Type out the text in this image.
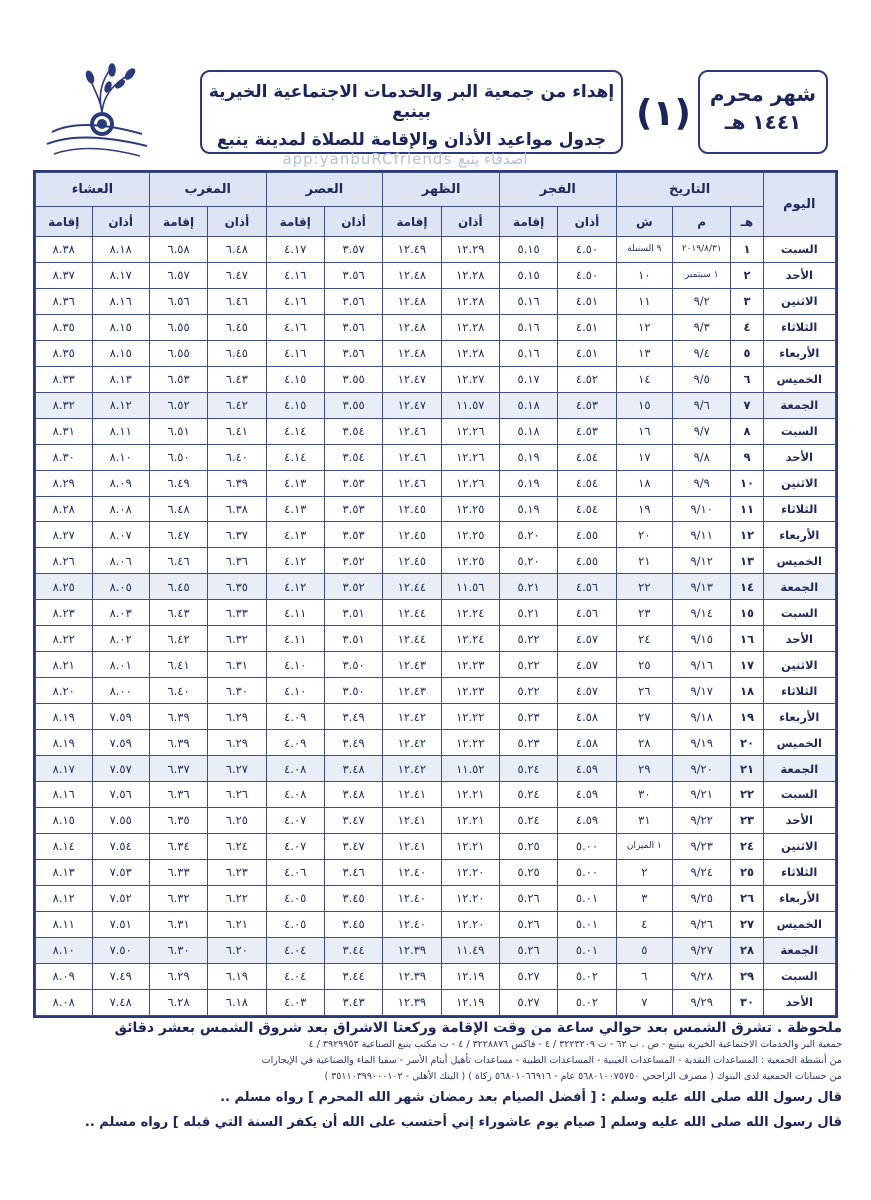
إهداء من جمعية البر والخدمات الاجتماعية الخيرية بينبع
جدول مواعيد الأذان والإقامة للصلاة لمدينة ينبع
(١) شهر محرم
١٤٤١ هـ
app:yanbuRCfriends اصدقاء ينبع
اليوم	التاريخ			الفجر		الظهر		العصر		المغرب		العشاء	
	هـ	م	ش	أذان	إقامة	أذان	إقامة	أذان	إقامة	أذان	إقامة	أذان	إقامة
السبت	١	٢٠١٩/٨/٣١	٩ السنبلة	٤.٥٠	٥.١٥	١٢.٢٩	١٢.٤٩	٣.٥٧	٤.١٧	٦.٤٨	٦.٥٨	٨.١٨	٨.٣٨
الأحد	٢	١ سبتمبر	١٠	٤.٥٠	٥.١٥	١٢.٢٨	١٢.٤٨	٣.٥٦	٤.١٦	٦.٤٧	٦.٥٧	٨.١٧	٨.٣٧
الاثنين	٣	٩/٢	١١	٤.٥١	٥.١٦	١٢.٢٨	١٢.٤٨	٣.٥٦	٤.١٦	٦.٤٦	٦.٥٦	٨.١٦	٨.٣٦
الثلاثاء	٤	٩/٣	١٢	٤.٥١	٥.١٦	١٢.٢٨	١٢.٤٨	٣.٥٦	٤.١٦	٦.٤٥	٦.٥٥	٨.١٥	٨.٣٥
الأربعاء	٥	٩/٤	١٣	٤.٥١	٥.١٦	١٢.٢٨	١٢.٤٨	٣.٥٦	٤.١٦	٦.٤٥	٦.٥٥	٨.١٥	٨.٣٥
الخميس	٦	٩/٥	١٤	٤.٥٢	٥.١٧	١٢.٢٧	١٢.٤٧	٣.٥٥	٤.١٥	٦.٤٣	٦.٥٣	٨.١٣	٨.٣٣
الجمعة	٧	٩/٦	١٥	٤.٥٣	٥.١٨	١١.٥٧	١٢.٤٧	٣.٥٥	٤.١٥	٦.٤٢	٦.٥٢	٨.١٢	٨.٣٢
السبت	٨	٩/٧	١٦	٤.٥٣	٥.١٨	١٢.٢٦	١٢.٤٦	٣.٥٤	٤.١٤	٦.٤١	٦.٥١	٨.١١	٨.٣١
الأحد	٩	٩/٨	١٧	٤.٥٤	٥.١٩	١٢.٢٦	١٢.٤٦	٣.٥٤	٤.١٤	٦.٤٠	٦.٥٠	٨.١٠	٨.٣٠
الاثنين	١٠	٩/٩	١٨	٤.٥٤	٥.١٩	١٢.٢٦	١٢.٤٦	٣.٥٣	٤.١٣	٦.٣٩	٦.٤٩	٨.٠٩	٨.٢٩
الثلاثاء	١١	٩/١٠	١٩	٤.٥٤	٥.١٩	١٢.٢٥	١٢.٤٥	٣.٥٣	٤.١٣	٦.٣٨	٦.٤٨	٨.٠٨	٨.٢٨
الأربعاء	١٢	٩/١١	٢٠	٤.٥٥	٥.٢٠	١٢.٢٥	١٢.٤٥	٣.٥٣	٤.١٣	٦.٣٧	٦.٤٧	٨.٠٧	٨.٢٧
الخميس	١٣	٩/١٢	٢١	٤.٥٥	٥.٢٠	١٢.٢٥	١٢.٤٥	٣.٥٢	٤.١٢	٦.٣٦	٦.٤٦	٨.٠٦	٨.٢٦
الجمعة	١٤	٩/١٣	٢٢	٤.٥٦	٥.٢١	١١.٥٦	١٢.٤٤	٣.٥٢	٤.١٢	٦.٣٥	٦.٤٥	٨.٠٥	٨.٢٥
السبت	١٥	٩/١٤	٢٣	٤.٥٦	٥.٢١	١٢.٢٤	١٢.٤٤	٣.٥١	٤.١١	٦.٣٣	٦.٤٣	٨.٠٣	٨.٢٣
الأحد	١٦	٩/١٥	٢٤	٤.٥٧	٥.٢٢	١٢.٢٤	١٢.٤٤	٣.٥١	٤.١١	٦.٣٢	٦.٤٢	٨.٠٢	٨.٢٢
الاثنين	١٧	٩/١٦	٢٥	٤.٥٧	٥.٢٢	١٢.٢٣	١٢.٤٣	٣.٥٠	٤.١٠	٦.٣١	٦.٤١	٨.٠١	٨.٢١
الثلاثاء	١٨	٩/١٧	٢٦	٤.٥٧	٥.٢٢	١٢.٢٣	١٢.٤٣	٣.٥٠	٤.١٠	٦.٣٠	٦.٤٠	٨.٠٠	٨.٢٠
الأربعاء	١٩	٩/١٨	٢٧	٤.٥٨	٥.٢٣	١٢.٢٢	١٢.٤٢	٣.٤٩	٤.٠٩	٦.٢٩	٦.٣٩	٧.٥٩	٨.١٩
الخميس	٢٠	٩/١٩	٢٨	٤.٥٨	٥.٢٣	١٢.٢٢	١٢.٤٢	٣.٤٩	٤.٠٩	٦.٢٩	٦.٣٩	٧.٥٩	٨.١٩
الجمعة	٢١	٩/٢٠	٢٩	٤.٥٩	٥.٢٤	١١.٥٢	١٢.٤٢	٣.٤٨	٤.٠٨	٦.٢٧	٦.٣٧	٧.٥٧	٨.١٧
السبت	٢٢	٩/٢١	٣٠	٤.٥٩	٥.٢٤	١٢.٢١	١٢.٤١	٣.٤٨	٤.٠٨	٦.٢٦	٦.٣٦	٧.٥٦	٨.١٦
الأحد	٢٣	٩/٢٢	٣١	٤.٥٩	٥.٢٤	١٢.٢١	١٢.٤١	٣.٤٧	٤.٠٧	٦.٢٥	٦.٣٥	٧.٥٥	٨.١٥
الاثنين	٢٤	٩/٢٣	١ الميزان	٥.٠٠	٥.٢٥	١٢.٢١	١٢.٤١	٣.٤٧	٤.٠٧	٦.٢٤	٦.٣٤	٧.٥٤	٨.١٤
الثلاثاء	٢٥	٩/٢٤	٢	٥.٠٠	٥.٢٥	١٢.٢٠	١٢.٤٠	٣.٤٦	٤.٠٦	٦.٢٣	٦.٣٣	٧.٥٣	٨.١٣
الأربعاء	٢٦	٩/٢٥	٣	٥.٠١	٥.٢٦	١٢.٢٠	١٢.٤٠	٣.٤٥	٤.٠٥	٦.٢٢	٦.٣٢	٧.٥٢	٨.١٢
الخميس	٢٧	٩/٢٦	٤	٥.٠١	٥.٢٦	١٢.٢٠	١٢.٤٠	٣.٤٥	٤.٠٥	٦.٢١	٦.٣١	٧.٥١	٨.١١
الجمعة	٢٨	٩/٢٧	٥	٥.٠١	٥.٢٦	١١.٤٩	١٢.٣٩	٣.٤٤	٤.٠٤	٦.٢٠	٦.٣٠	٧.٥٠	٨.١٠
السبت	٢٩	٩/٢٨	٦	٥.٠٢	٥.٢٧	١٢.١٩	١٢.٣٩	٣.٤٤	٤.٠٤	٦.١٩	٦.٢٩	٧.٤٩	٨.٠٩
الأحد	٣٠	٩/٢٩	٧	٥.٠٢	٥.٢٧	١٢.١٩	١٢.٣٩	٣.٤٣	٤.٠٣	٦.١٨	٦.٢٨	٧.٤٨	٨.٠٨
ملحوظة . تشرق الشمس بعد حوالي ساعة من وقت الإقامة وركعتا الاشراق بعد شروق الشمس بعشر دقائق
جمعية البر والخدمات الاجتماعية الخيرية بينبع - ص . ب ٦٢ - ت ٣٢٢٣٢٠٩ / ٤ - فاكس ٣٢٢٨٨٧٦ / ٤ - ت مكتب ينبع الصناعية ٣٩٢٩٩٥٣ / ٤
من أنشطة الجمعية : المساعدات النقدية - المساعدات العينية - المساعدات الطبية - مساعدات تأهيل أيتام الأسر - سقيا الماء والصناعية في الإيجارات
من حسابات الجمعية لدى البنوك ( مصرف الراجحي ٥٦٨٠١٠٠٧٥٧٥٠ عام - ٥٦٨٠١٠٦٦٩١٦ زكاة ) ( البنك الأهلي - ٣٥١١٠٣٩٩٠٠٠١٠٢ )
قال رسول الله صلى الله عليه وسلم : [ أفضل الصيام بعد رمضان شهر الله المحرم ] رواه مسلم ..
قال رسول الله صلى الله عليه وسلم [ صيام يوم عاشوراء إني أحتسب على الله أن يكفر السنة التي قبله ] رواه مسلم ..
